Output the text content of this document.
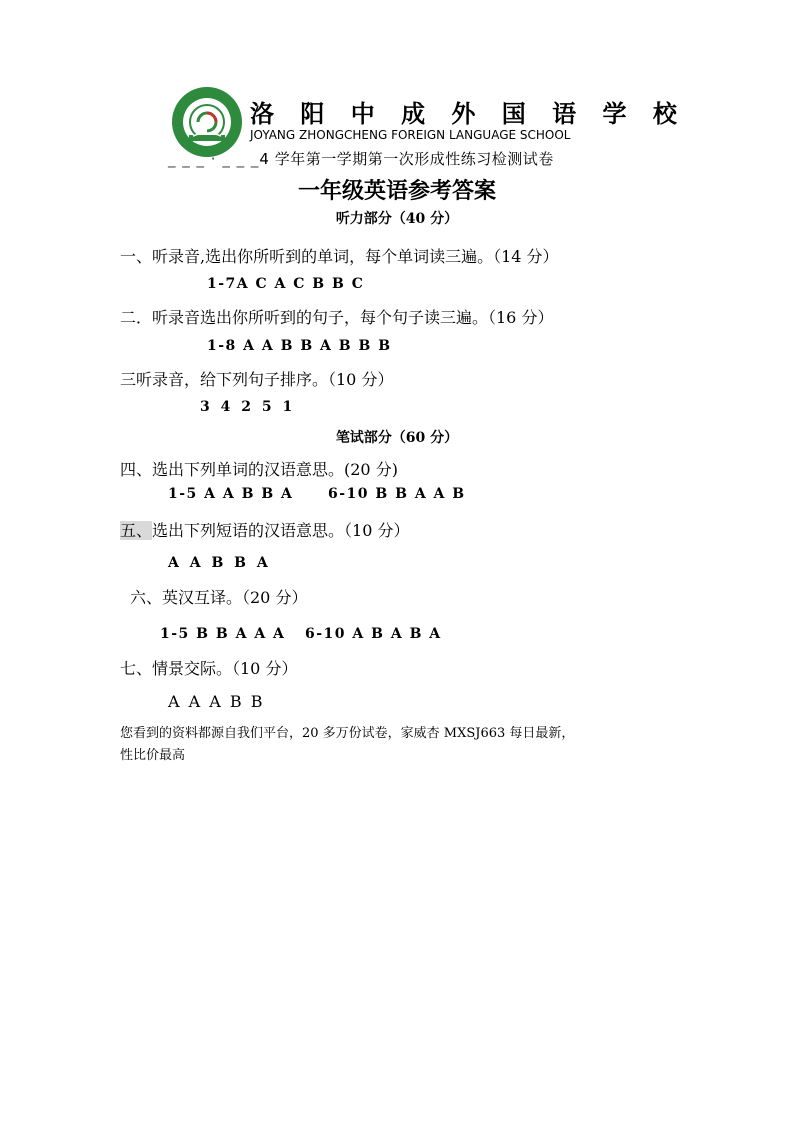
洛 阳 中 成 外 国 语 学 校
JOYANG ZHONGCHENG FOREIGN LANGUAGE SCHOOL
_ _ _ · _ _ _4 学年第一学期第一次形成性练习检测试卷
一年级英语参考答案
听力部分（40 分）
一、听录音,选出你所听到的单词，每个单词读三遍。（14 分）
1-7A C A C B B C
二．听录音选出你所听到的句子，每个句子读三遍。（16 分）
1-8 A A B B A B B B
三听录音，给下列句子排序。（10 分）
3 4 2 5 1
笔试部分（60 分）
四、选出下列单词的汉语意思。(20 分)
1-5 A A B B A 6-10 B B A A B
五、选出下列短语的汉语意思。（10 分）
A A B B A
六、英汉互译。（20 分）
1-5 B B A A A 6-10 A B A B A
七、情景交际。（10 分）
A A A B B
您看到的资料都源自我们平台，20 多万份试卷，家威杏 MXSJ663 每日最新，
性比价最高
